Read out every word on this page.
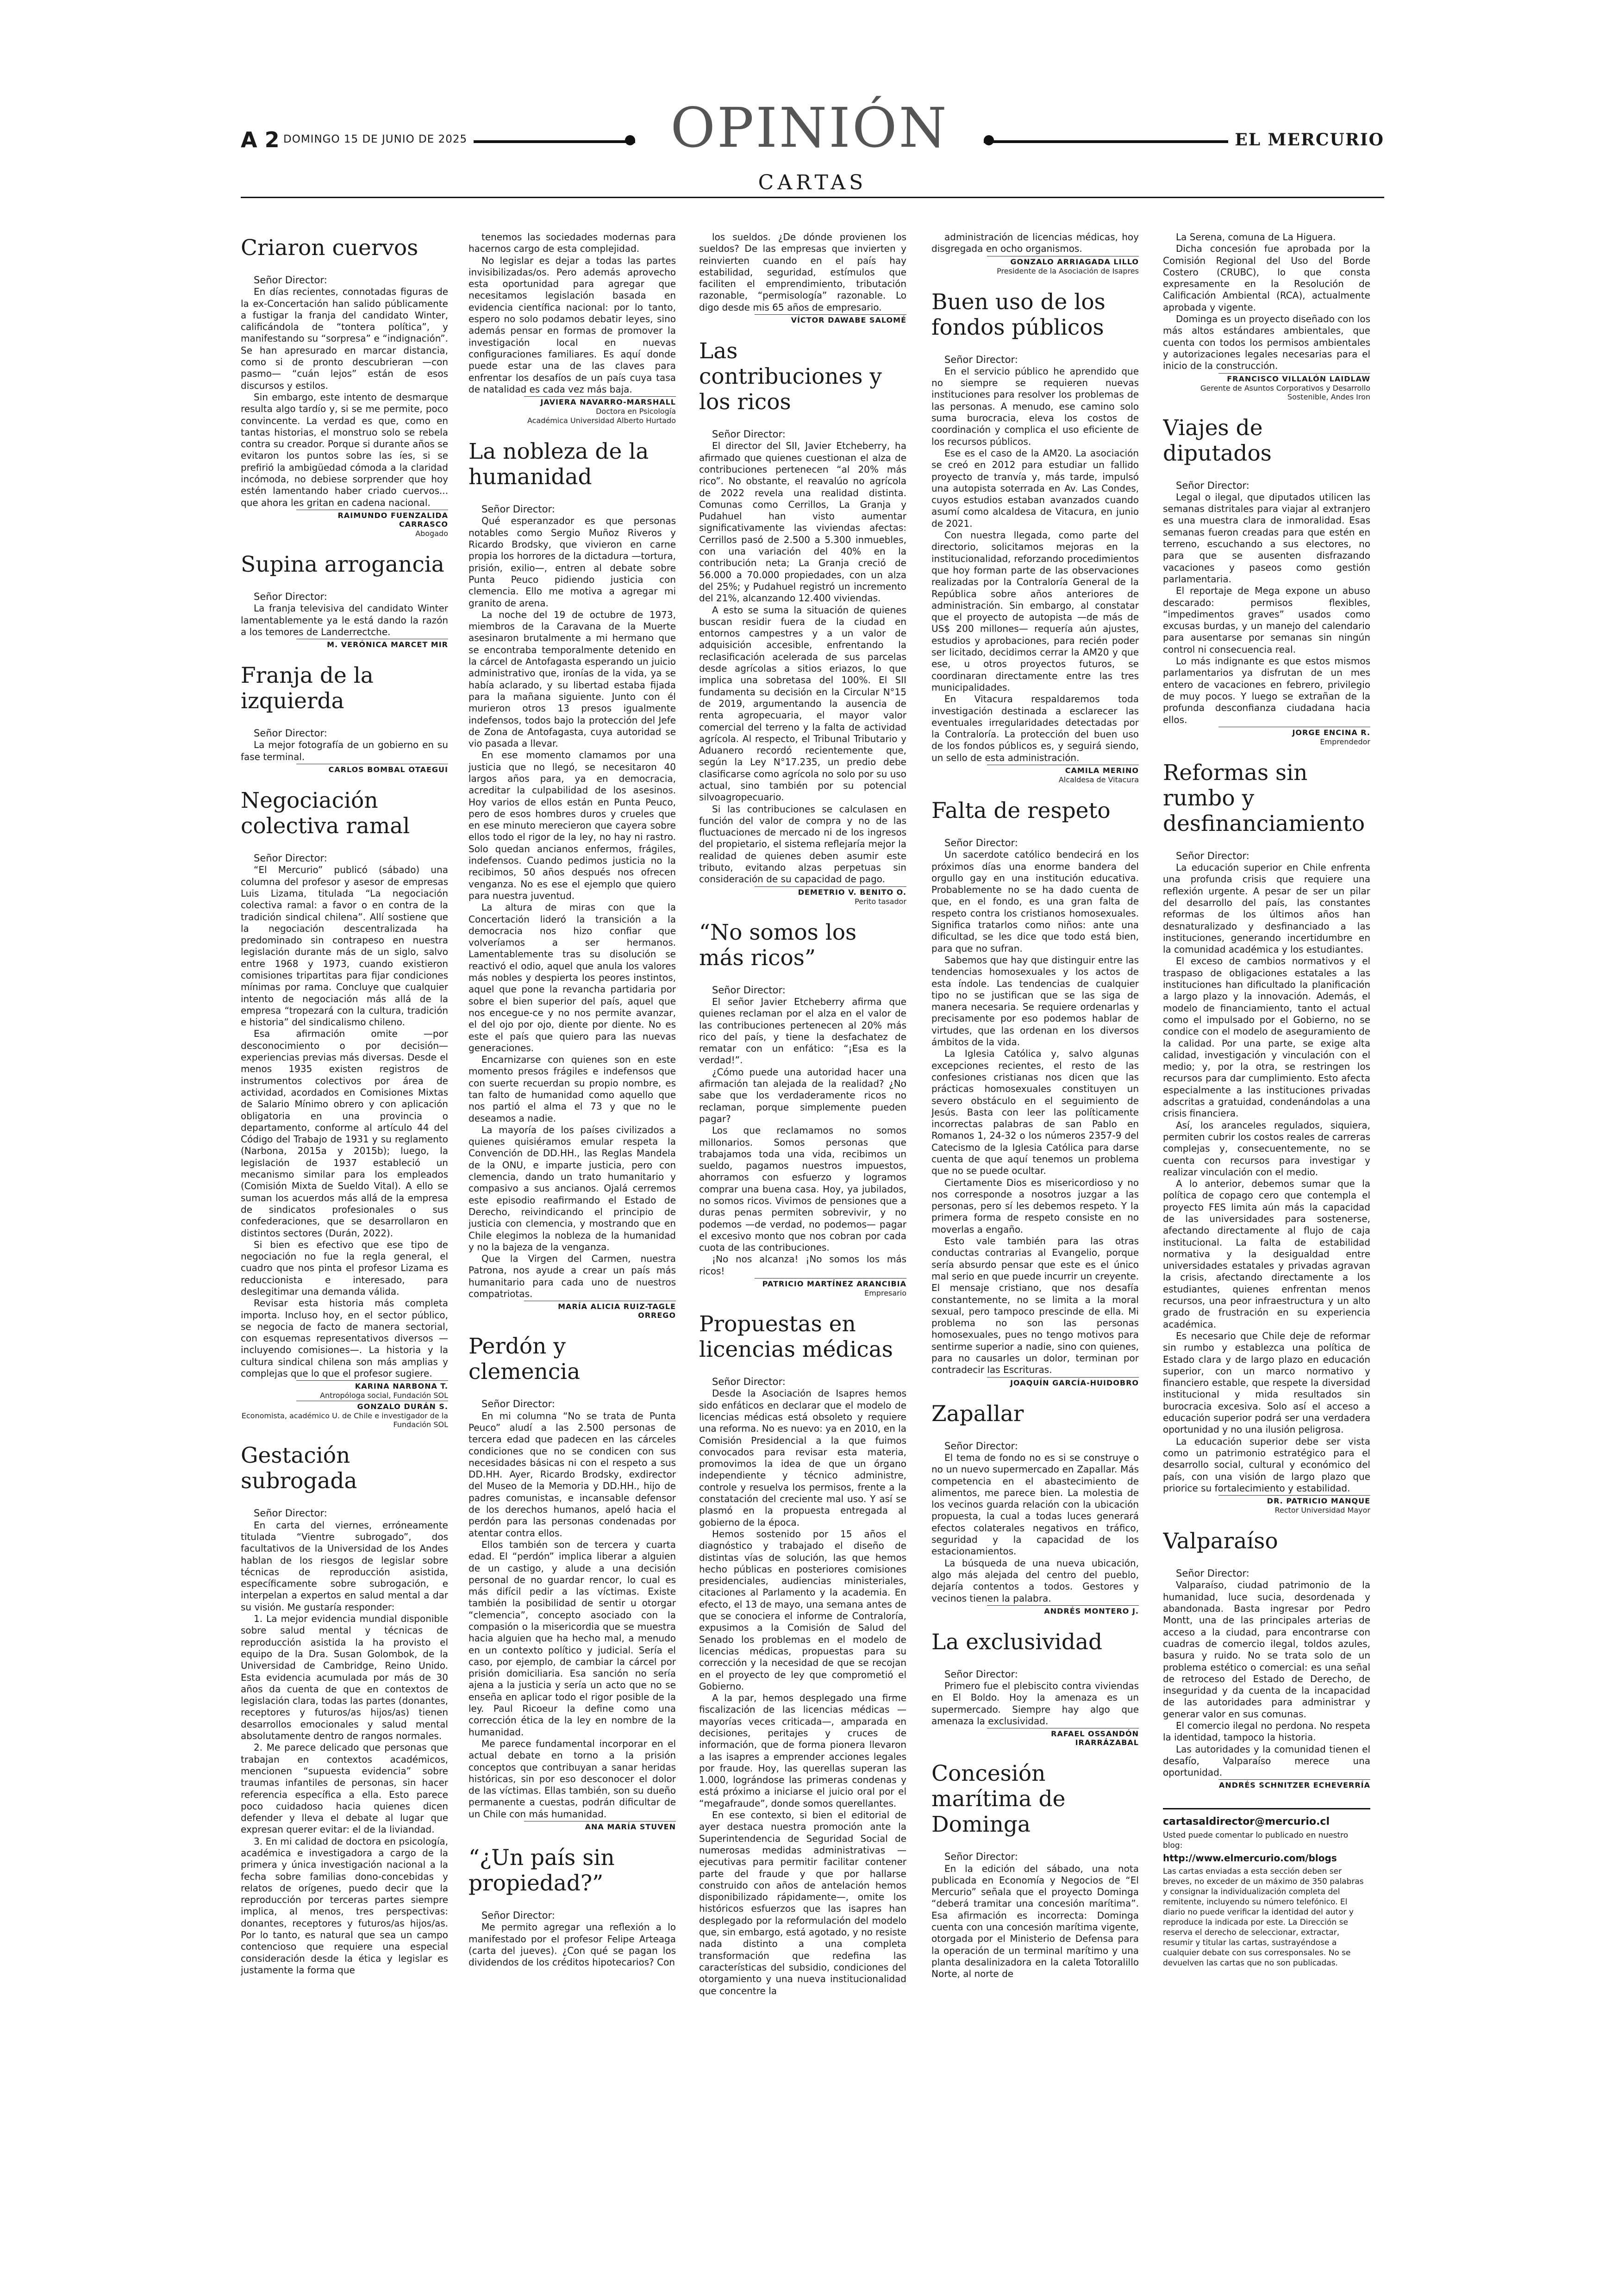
A 2 DOMINGO 15 DE JUNIO DE 2025	OPINIÓN	EL MERCURIO
CARTAS
Criaron cuervos

Señor Director:

En días recientes, connotadas figuras de la ex-Concertación han salido públicamente a fustigar la franja del candidato Winter, calificándola de “tontera política”, y manifestando su “sorpresa” e “indignación”. Se han apresurado en marcar distancia, como si de pronto descubrieran —con pasmo— “cuán lejos” están de esos discursos y estilos.

Sin embargo, este intento de desmarque resulta algo tardío y, si se me permite, poco convincente. La verdad es que, como en tantas historias, el monstruo solo se rebela contra su creador. Porque si durante años se evitaron los puntos sobre las íes, si se prefirió la ambigüedad cómoda a la claridad incómoda, no debiese sorprender que hoy estén lamentando haber criado cuervos... que ahora les gritan en cadena nacional.

RAIMUNDO FUENZALIDA CARRASCO

Abogado

Supina arrogancia

Señor Director:

La franja televisiva del candidato Winter lamentablemente ya le está dando la razón a los temores de Landerrectche.

M. VERÓNICA MARCET MIR

Franja de la izquierda

Señor Director:

La mejor fotografía de un gobierno en su fase terminal.

CARLOS BOMBAL OTAEGUI

Negociación colectiva ramal

Señor Director:

“El Mercurio” publicó (sábado) una columna del profesor y asesor de empresas Luis Lizama, titulada “La negociación colectiva ramal: a favor o en contra de la tradición sindical chilena”. Allí sostiene que la negociación descentralizada ha predominado sin contrapeso en nuestra legislación durante más de un siglo, salvo entre 1968 y 1973, cuando existieron comisiones tripartitas para fijar condiciones mínimas por rama. Concluye que cualquier intento de negociación más allá de la empresa “tropezará con la cultura, tradición e historia” del sindicalismo chileno.

Esa afirmación omite —por desconocimiento o por decisión— experiencias previas más diversas. Desde el menos 1935 existen registros de instrumentos colectivos por área de actividad, acordados en Comisiones Mixtas de Salario Mínimo obrero y con aplicación obligatoria en una provincia o departamento, conforme al artículo 44 del Código del Trabajo de 1931 y su reglamento (Narbona, 2015a y 2015b); luego, la legislación de 1937 estableció un mecanismo similar para los empleados (Comisión Mixta de Sueldo Vital). A ello se suman los acuerdos más allá de la empresa de sindicatos profesionales o sus confederaciones, que se desarrollaron en distintos sectores (Durán, 2022).

Si bien es efectivo que ese tipo de negociación no fue la regla general, el cuadro que nos pinta el profesor Lizama es reduccionista e interesado, para deslegitimar una demanda válida.

Revisar esta historia más completa importa. Incluso hoy, en el sector público, se negocia de facto de manera sectorial, con esquemas representativos diversos —incluyendo comisiones—. La historia y la cultura sindical chilena son más amplias y complejas que lo que el profesor sugiere.

KARINA NARBONA T.

Antropóloga social, Fundación SOL

GONZALO DURÁN S.

Economista, académico U. de Chile e investigador de la Fundación SOL

Gestación subrogada

Señor Director:

En carta del viernes, erróneamente titulada “Vientre subrogado”, dos facultativos de la Universidad de los Andes hablan de los riesgos de legislar sobre técnicas de reproducción asistida, específicamente sobre subrogación, e interpelan a expertos en salud mental a dar su visión. Me gustaría responder:

1. La mejor evidencia mundial disponible sobre salud mental y técnicas de reproducción asistida la ha provisto el equipo de la Dra. Susan Golombok, de la Universidad de Cambridge, Reino Unido. Esta evidencia acumulada por más de 30 años da cuenta de que en contextos de legislación clara, todas las partes (donantes, receptores y futuros/as hijos/as) tienen desarrollos emocionales y salud mental absolutamente dentro de rangos normales.

2. Me parece delicado que personas que trabajan en contextos académicos, mencionen “supuesta evidencia” sobre traumas infantiles de personas, sin hacer referencia específica a ella. Esto parece poco cuidadoso hacia quienes dicen defender y lleva el debate al lugar que expresan querer evitar: el de la liviandad.

3. En mi calidad de doctora en psicología, académica e investigadora a cargo de la primera y única investigación nacional a la fecha sobre familias dono-concebidas y relatos de orígenes, puedo decir que la reproducción por terceras partes siempre implica, al menos, tres perspectivas: donantes, receptores y futuros/as hijos/as. Por lo tanto, es natural que sea un campo contencioso que requiere una especial consideración desde la ética y legislar es justamente la forma que

tenemos las sociedades modernas para hacernos cargo de esta complejidad.

No legislar es dejar a todas las partes invisibilizadas/os. Pero además aprovecho esta oportunidad para agregar que necesitamos legislación basada en evidencia científica nacional: por lo tanto, espero no solo podamos debatir leyes, sino además pensar en formas de promover la investigación local en nuevas configuraciones familiares. Es aquí donde puede estar una de las claves para enfrentar los desafíos de un país cuya tasa de natalidad es cada vez más baja.

JAVIERA NAVARRO-MARSHALL

Doctora en Psicología

Académica Universidad Alberto Hurtado

La nobleza de la humanidad

Señor Director:

Qué esperanzador es que personas notables como Sergio Muñoz Riveros y Ricardo Brodsky, que vivieron en carne propia los horrores de la dictadura —tortura, prisión, exilio—, entren al debate sobre Punta Peuco pidiendo justicia con clemencia. Ello me motiva a agregar mi granito de arena.

La noche del 19 de octubre de 1973, miembros de la Caravana de la Muerte asesinaron brutalmente a mi hermano que se encontraba temporalmente detenido en la cárcel de Antofagasta esperando un juicio administrativo que, ironías de la vida, ya se había aclarado, y su libertad estaba fijada para la mañana siguiente. Junto con él murieron otros 13 presos igualmente indefensos, todos bajo la protección del Jefe de Zona de Antofagasta, cuya autoridad se vio pasada a llevar.

En ese momento clamamos por una justicia que no llegó, se necesitaron 40 largos años para, ya en democracia, acreditar la culpabilidad de los asesinos. Hoy varios de ellos están en Punta Peuco, pero de esos hombres duros y crueles que en ese minuto merecieron que cayera sobre ellos todo el rigor de la ley, no hay ni rastro. Solo quedan ancianos enfermos, frágiles, indefensos. Cuando pedimos justicia no la recibimos, 50 años después nos ofrecen venganza. No es ese el ejemplo que quiero para nuestra juventud.

La altura de miras con que la Concertación lideró la transición a la democracia nos hizo confiar que volveríamos a ser hermanos. Lamentablemente tras su disolución se reactivó el odio, aquel que anula los valores más nobles y despierta los peores instintos, aquel que pone la revancha partidaria por sobre el bien superior del país, aquel que nos encegue-ce y no nos permite avanzar, el del ojo por ojo, diente por diente. No es este el país que quiero para las nuevas generaciones.

Encarnizarse con quienes son en este momento presos frágiles e indefensos que con suerte recuerdan su propio nombre, es tan falto de humanidad como aquello que nos partió el alma el 73 y que no le deseamos a nadie.

La mayoría de los países civilizados a quienes quisiéramos emular respeta la Convención de DD.HH., las Reglas Mandela de la ONU, e imparte justicia, pero con clemencia, dando un trato humanitario y compasivo a sus ancianos. Ojalá cerremos este episodio reafirmando el Estado de Derecho, reivindicando el principio de justicia con clemencia, y mostrando que en Chile elegimos la nobleza de la humanidad y no la bajeza de la venganza.

Que la Virgen del Carmen, nuestra Patrona, nos ayude a crear un país más humanitario para cada uno de nuestros compatriotas.

MARÍA ALICIA RUIZ-TAGLE ORREGO

Perdón y clemencia

Señor Director:

En mi columna “No se trata de Punta Peuco” aludí a las 2.500 personas de tercera edad que padecen en las cárceles condiciones que no se condicen con sus necesidades básicas ni con el respeto a sus DD.HH. Ayer, Ricardo Brodsky, exdirector del Museo de la Memoria y DD.HH., hijo de padres comunistas, e incansable defensor de los derechos humanos, apeló hacia el perdón para las personas condenadas por atentar contra ellos.

Ellos también son de tercera y cuarta edad. El “perdón” implica liberar a alguien de un castigo, y alude a una decisión personal de no guardar rencor, lo cual es más difícil pedir a las víctimas. Existe también la posibilidad de sentir u otorgar “clemencia”, concepto asociado con la compasión o la misericordia que se muestra hacia alguien que ha hecho mal, a menudo en un contexto político y judicial. Sería el caso, por ejemplo, de cambiar la cárcel por prisión domiciliaria. Esa sanción no sería ajena a la justicia y sería un acto que no se enseña en aplicar todo el rigor posible de la ley. Paul Ricoeur la define como una corrección ética de la ley en nombre de la humanidad.

Me parece fundamental incorporar en el actual debate en torno a la prisión conceptos que contribuyan a sanar heridas históricas, sin por eso desconocer el dolor de las víctimas. Ellas también, son su dueño permanente a cuestas, podrán dificultar de un Chile con más humanidad.

ANA MARÍA STUVEN

“¿Un país sin propiedad?”

Señor Director:

Me permito agregar una reflexión a lo manifestado por el profesor Felipe Arteaga (carta del jueves). ¿Con qué se pagan los dividendos de los créditos hipotecarios? Con

los sueldos. ¿De dónde provienen los sueldos? De las empresas que invierten y reinvierten cuando en el país hay estabilidad, seguridad, estímulos que faciliten el emprendimiento, tributación razonable, “permisología” razonable. Lo digo desde mis 65 años de empresario.

VÍCTOR DAWABE SALOMÉ

Las contribuciones y los ricos

Señor Director:

El director del SII, Javier Etcheberry, ha afirmado que quienes cuestionan el alza de contribuciones pertenecen “al 20% más rico”. No obstante, el reavalúo no agrícola de 2022 revela una realidad distinta. Comunas como Cerrillos, La Granja y Pudahuel han visto aumentar significativamente las viviendas afectas: Cerrillos pasó de 2.500 a 5.300 inmuebles, con una variación del 40% en la contribución neta; La Granja creció de 56.000 a 70.000 propiedades, con un alza del 25%; y Pudahuel registró un incremento del 21%, alcanzando 12.400 viviendas.

A esto se suma la situación de quienes buscan residir fuera de la ciudad en entornos campestres y a un valor de adquisición accesible, enfrentando la reclasificación acelerada de sus parcelas desde agrícolas a sitios eriazos, lo que implica una sobretasa del 100%. El SII fundamenta su decisión en la Circular N°15 de 2019, argumentando la ausencia de renta agropecuaria, el mayor valor comercial del terreno y la falta de actividad agrícola. Al respecto, el Tribunal Tributario y Aduanero recordó recientemente que, según la Ley N°17.235, un predio debe clasificarse como agrícola no solo por su uso actual, sino también por su potencial silvoagropecuario.

Si las contribuciones se calculasen en función del valor de compra y no de las fluctuaciones de mercado ni de los ingresos del propietario, el sistema reflejaría mejor la realidad de quienes deben asumir este tributo, evitando alzas perpetuas sin consideración de su capacidad de pago.

DEMETRIO V. BENITO O.

Perito tasador

“No somos los más ricos”

Señor Director:

El señor Javier Etcheberry afirma que quienes reclaman por el alza en el valor de las contribuciones pertenecen al 20% más rico del país, y tiene la desfachatez de rematar con un enfático: “¡Esa es la verdad!”.

¿Cómo puede una autoridad hacer una afirmación tan alejada de la realidad? ¿No sabe que los verdaderamente ricos no reclaman, porque simplemente pueden pagar?

Los que reclamamos no somos millonarios. Somos personas que trabajamos toda una vida, recibimos un sueldo, pagamos nuestros impuestos, ahorramos con esfuerzo y logramos comprar una buena casa. Hoy, ya jubilados, no somos ricos. Vivimos de pensiones que a duras penas permiten sobrevivir, y no podemos —de verdad, no podemos— pagar el excesivo monto que nos cobran por cada cuota de las contribuciones.

¡No nos alcanza! ¡No somos los más ricos!

PATRICIO MARTÍNEZ ARANCIBIA

Empresario

Propuestas en licencias médicas

Señor Director:

Desde la Asociación de Isapres hemos sido enfáticos en declarar que el modelo de licencias médicas está obsoleto y requiere una reforma. No es nuevo: ya en 2010, en la Comisión Presidencial a la que fuimos convocados para revisar esta materia, promovimos la idea de que un órgano independiente y técnico administre, controle y resuelva los permisos, frente a la constatación del creciente mal uso. Y así se plasmó en la propuesta entregada al gobierno de la época.

Hemos sostenido por 15 años el diagnóstico y trabajado el diseño de distintas vías de solución, las que hemos hecho públicas en posteriores comisiones presidenciales, audiencias ministeriales, citaciones al Parlamento y la academia. En efecto, el 13 de mayo, una semana antes de que se conociera el informe de Contraloría, expusimos a la Comisión de Salud del Senado los problemas en el modelo de licencias médicas, propuestas para su corrección y la necesidad de que se recojan en el proyecto de ley que comprometió el Gobierno.

A la par, hemos desplegado una firme fiscalización de las licencias médicas —mayorías veces criticada—, amparada en decisiones, peritajes y cruces de información, que de forma pionera llevaron a las isapres a emprender acciones legales por fraude. Hoy, las querellas superan las 1.000, lográndose las primeras condenas y está próximo a iniciarse el juicio oral por el “megafraude”, donde somos querellantes.

En ese contexto, si bien el editorial de ayer destaca nuestra promoción ante la Superintendencia de Seguridad Social de numerosas medidas administrativas —ejecutivas para permitir facilitar contener parte del fraude y que por hallarse construido con años de antelación hemos disponibilizado rápidamente—, omite los históricos esfuerzos que las isapres han desplegado por la reformulación del modelo que, sin embargo, está agotado, y no resiste nada distinto a una completa transformación que redefina las características del subsidio, condiciones del otorgamiento y una nueva institucionalidad que concentre la

administración de licencias médicas, hoy disgregada en ocho organismos.

GONZALO ARRIAGADA LILLO

Presidente de la Asociación de Isapres

Buen uso de los fondos públicos

Señor Director:

En el servicio público he aprendido que no siempre se requieren nuevas instituciones para resolver los problemas de las personas. A menudo, ese camino solo suma burocracia, eleva los costos de coordinación y complica el uso eficiente de los recursos públicos.

Ese es el caso de la AM20. La asociación se creó en 2012 para estudiar un fallido proyecto de tranvía y, más tarde, impulsó una autopista soterrada en Av. Las Condes, cuyos estudios estaban avanzados cuando asumí como alcaldesa de Vitacura, en junio de 2021.

Con nuestra llegada, como parte del directorio, solicitamos mejoras en la institucionalidad, reforzando procedimientos que hoy forman parte de las observaciones realizadas por la Contraloría General de la República sobre años anteriores de administración. Sin embargo, al constatar que el proyecto de autopista —de más de US$ 200 millones— requería aún ajustes, estudios y aprobaciones, para recién poder ser licitado, decidimos cerrar la AM20 y que ese, u otros proyectos futuros, se coordinaran directamente entre las tres municipalidades.

En Vitacura respaldaremos toda investigación destinada a esclarecer las eventuales irregularidades detectadas por la Contraloría. La protección del buen uso de los fondos públicos es, y seguirá siendo, un sello de esta administración.

CAMILA MERINO

Alcaldesa de Vitacura

Falta de respeto

Señor Director:

Un sacerdote católico bendecirá en los próximos días una enorme bandera del orgullo gay en una institución educativa. Probablemente no se ha dado cuenta de que, en el fondo, es una gran falta de respeto contra los cristianos homosexuales. Significa tratarlos como niños: ante una dificultad, se les dice que todo está bien, para que no sufran.

Sabemos que hay que distinguir entre las tendencias homosexuales y los actos de esta índole. Las tendencias de cualquier tipo no se justifican que se las siga de manera necesaria. Se requiere ordenarlas y precisamente por eso podemos hablar de virtudes, que las ordenan en los diversos ámbitos de la vida.

La Iglesia Católica y, salvo algunas excepciones recientes, el resto de las confesiones cristianas nos dicen que las prácticas homosexuales constituyen un severo obstáculo en el seguimiento de Jesús. Basta con leer las políticamente incorrectas palabras de san Pablo en Romanos 1, 24-32 o los números 2357-9 del Catecismo de la Iglesia Católica para darse cuenta de que aquí tenemos un problema que no se puede ocultar.

Ciertamente Dios es misericordioso y no nos corresponde a nosotros juzgar a las personas, pero sí les debemos respeto. Y la primera forma de respeto consiste en no moverlas a engaño.

Esto vale también para las otras conductas contrarias al Evangelio, porque sería absurdo pensar que este es el único mal serio en que puede incurrir un creyente. El mensaje cristiano, que nos desafía constantemente, no se limita a la moral sexual, pero tampoco prescinde de ella. Mi problema no son las personas homosexuales, pues no tengo motivos para sentirme superior a nadie, sino con quienes, para no causarles un dolor, terminan por contradecir las Escrituras.

JOAQUÍN GARCÍA-HUIDOBRO

Zapallar

Señor Director:

El tema de fondo no es si se construye o no un nuevo supermercado en Zapallar. Más competencia en el abastecimiento de alimentos, me parece bien. La molestia de los vecinos guarda relación con la ubicación propuesta, la cual a todas luces generará efectos colaterales negativos en tráfico, seguridad y la capacidad de los estacionamientos.

La búsqueda de una nueva ubicación, algo más alejada del centro del pueblo, dejaría contentos a todos. Gestores y vecinos tienen la palabra.

ANDRÉS MONTERO J.

La exclusividad

Señor Director:

Primero fue el plebiscito contra viviendas en El Boldo. Hoy la amenaza es un supermercado. Siempre hay algo que amenaza la exclusividad.

RAFAEL OSSANDÓN IRARRÁZABAL

Concesión marítima de Dominga

Señor Director:

En la edición del sábado, una nota publicada en Economía y Negocios de “El Mercurio” señala que el proyecto Dominga “deberá tramitar una concesión marítima”. Esa afirmación es incorrecta: Dominga cuenta con una concesión marítima vigente, otorgada por el Ministerio de Defensa para la operación de un terminal marítimo y una planta desalinizadora en la caleta Totoralillo Norte, al norte de

La Serena, comuna de La Higuera.

Dicha concesión fue aprobada por la Comisión Regional del Uso del Borde Costero (CRUBC), lo que consta expresamente en la Resolución de Calificación Ambiental (RCA), actualmente aprobada y vigente.

Dominga es un proyecto diseñado con los más altos estándares ambientales, que cuenta con todos los permisos ambientales y autorizaciones legales necesarias para el inicio de la construcción.

FRANCISCO VILLALÓN LAIDLAW

Gerente de Asuntos Corporativos y Desarrollo Sostenible, Andes Iron

Viajes de diputados

Señor Director:

Legal o ilegal, que diputados utilicen las semanas distritales para viajar al extranjero es una muestra clara de inmoralidad. Esas semanas fueron creadas para que estén en terreno, escuchando a sus electores, no para que se ausenten disfrazando vacaciones y paseos como gestión parlamentaria.

El reportaje de Mega expone un abuso descarado: permisos flexibles, “impedimentos graves” usados como excusas burdas, y un manejo del calendario para ausentarse por semanas sin ningún control ni consecuencia real.

Lo más indignante es que estos mismos parlamentarios ya disfrutan de un mes entero de vacaciones en febrero, privilegio de muy pocos. Y luego se extrañan de la profunda desconfianza ciudadana hacia ellos.

JORGE ENCINA R.

Emprendedor

Reformas sin rumbo y desfinanciamiento

Señor Director:

La educación superior en Chile enfrenta una profunda crisis que requiere una reflexión urgente. A pesar de ser un pilar del desarrollo del país, las constantes reformas de los últimos años han desnaturalizado y desfinanciado a las instituciones, generando incertidumbre en la comunidad académica y los estudiantes.

El exceso de cambios normativos y el traspaso de obligaciones estatales a las instituciones han dificultado la planificación a largo plazo y la innovación. Además, el modelo de financiamiento, tanto el actual como el impulsado por el Gobierno, no se condice con el modelo de aseguramiento de la calidad. Por una parte, se exige alta calidad, investigación y vinculación con el medio; y, por la otra, se restringen los recursos para dar cumplimiento. Esto afecta especialmente a las instituciones privadas adscritas a gratuidad, condenándolas a una crisis financiera.

Así, los aranceles regulados, siquiera, permiten cubrir los costos reales de carreras complejas y, consecuentemente, no se cuenta con recursos para investigar y realizar vinculación con el medio.

A lo anterior, debemos sumar que la política de copago cero que contempla el proyecto FES limita aún más la capacidad de las universidades para sostenerse, afectando directamente al flujo de caja institucional. La falta de estabilidad normativa y la desigualdad entre universidades estatales y privadas agravan la crisis, afectando directamente a los estudiantes, quienes enfrentan menos recursos, una peor infraestructura y un alto grado de frustración en su experiencia académica.

Es necesario que Chile deje de reformar sin rumbo y establezca una política de Estado clara y de largo plazo en educación superior, con un marco normativo y financiero estable, que respete la diversidad institucional y mida resultados sin burocracia excesiva. Solo así el acceso a educación superior podrá ser una verdadera oportunidad y no una ilusión peligrosa.

La educación superior debe ser vista como un patrimonio estratégico para el desarrollo social, cultural y económico del país, con una visión de largo plazo que priorice su fortalecimiento y estabilidad.

DR. PATRICIO MANQUE

Rector Universidad Mayor

Valparaíso

Señor Director:

Valparaíso, ciudad patrimonio de la humanidad, luce sucia, desordenada y abandonada. Basta ingresar por Pedro Montt, una de las principales arterias de acceso a la ciudad, para encontrarse con cuadras de comercio ilegal, toldos azules, basura y ruido. No se trata solo de un problema estético o comercial: es una señal de retroceso del Estado de Derecho, de inseguridad y da cuenta de la incapacidad de las autoridades para administrar y generar valor en sus comunas.

El comercio ilegal no perdona. No respeta la identidad, tampoco la historia.

Las autoridades y la comunidad tienen el desafío, Valparaíso merece una oportunidad.

ANDRÉS SCHNITZER ECHEVERRÍA

cartasaldirector@mercurio.cl
Usted puede comentar lo publicado en nuestro blog:
http://www.elmercurio.com/blogs
Las cartas enviadas a esta sección deben ser breves, no exceder de un máximo de 350 palabras y consignar la individualización completa del remitente, incluyendo su número telefónico. El diario no puede verificar la identidad del autor y reproduce la indicada por este. La Dirección se reserva el derecho de seleccionar, extractar, resumir y titular las cartas, sustrayéndose a cualquier debate con sus corresponsales. No se devuelven las cartas que no son publicadas.
